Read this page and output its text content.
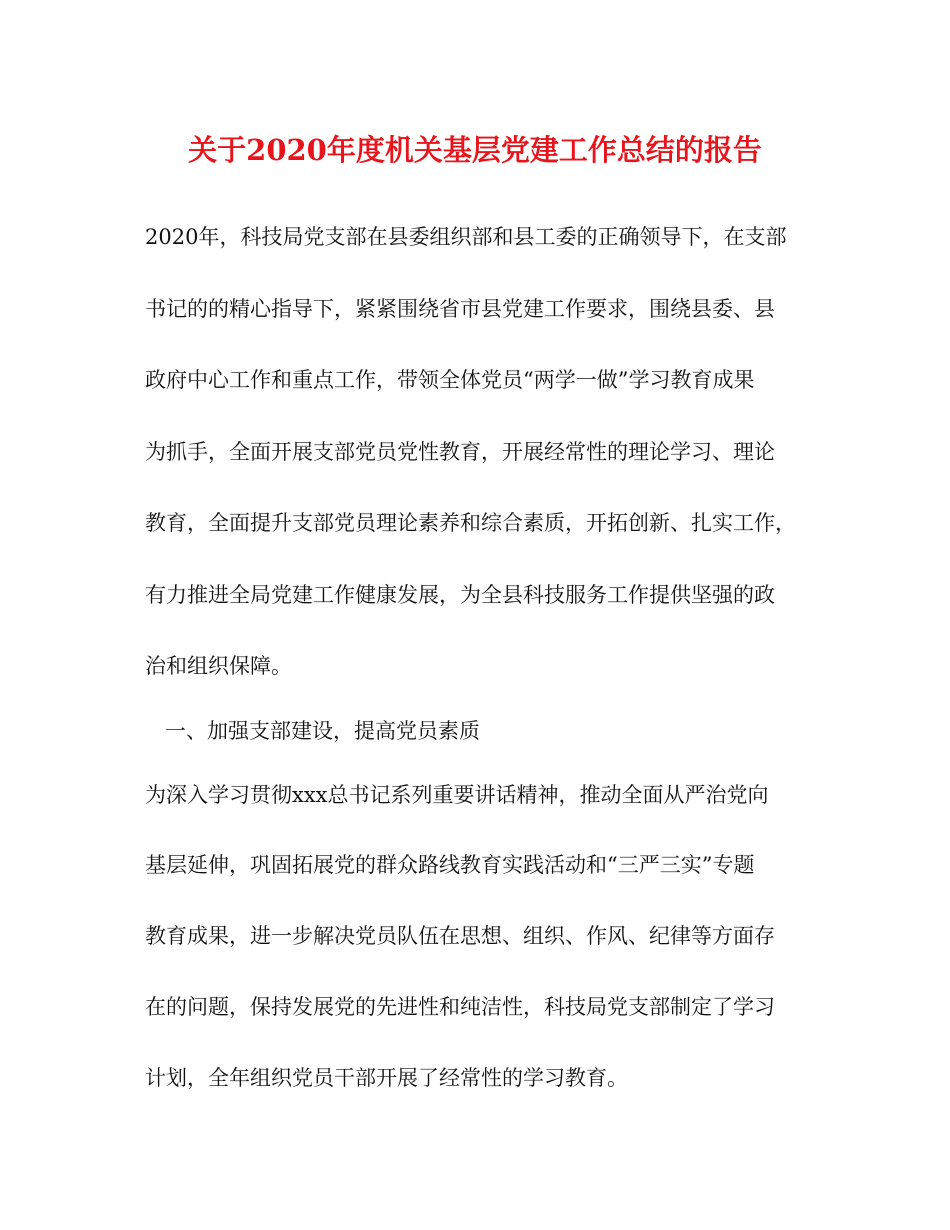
关于2020年度机关基层党建工作总结的报告
2020年，科技局党支部在县委组织部和县工委的正确领导下，在支部
书记的的精心指导下，紧紧围绕省市县党建工作要求，围绕县委、县
政府中心工作和重点工作，带领全体党员“两学一做”学习教育成果
为抓手，全面开展支部党员党性教育，开展经常性的理论学习、理论
教育，全面提升支部党员理论素养和综合素质，开拓创新、扎实工作，
有力推进全局党建工作健康发展，为全县科技服务工作提供坚强的政
治和组织保障。
一、加强支部建设，提高党员素质
为深入学习贯彻xxx总书记系列重要讲话精神，推动全面从严治党向
基层延伸，巩固拓展党的群众路线教育实践活动和“三严三实”专题
教育成果，进一步解决党员队伍在思想、组织、作风、纪律等方面存
在的问题，保持发展党的先进性和纯洁性，科技局党支部制定了学习
计划，全年组织党员干部开展了经常性的学习教育。
